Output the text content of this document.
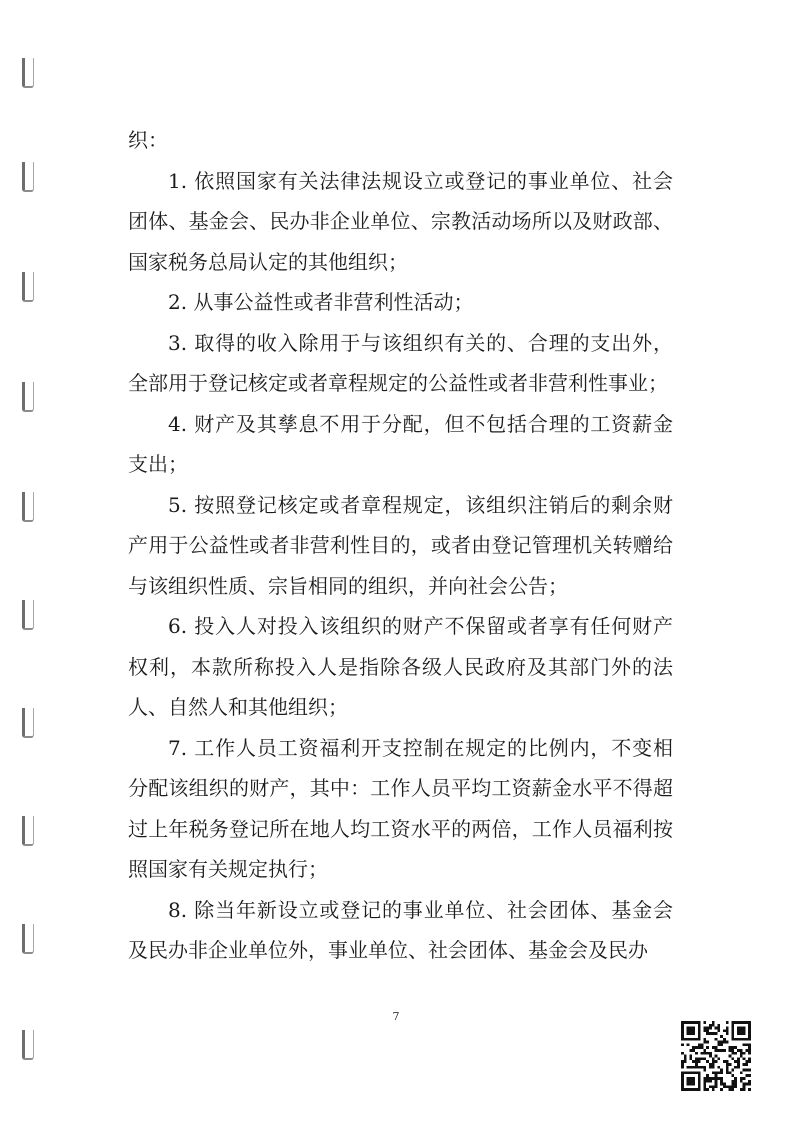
织：

1. 依照国家有关法律法规设立或登记的事业单位、社会团体、基金会、民办非企业单位、宗教活动场所以及财政部、国家税务总局认定的其他组织；

2. 从事公益性或者非营利性活动；

3. 取得的收入除用于与该组织有关的、合理的支出外，全部用于登记核定或者章程规定的公益性或者非营利性事业；

4. 财产及其孳息不用于分配，但不包括合理的工资薪金支出；

5. 按照登记核定或者章程规定，该组织注销后的剩余财产用于公益性或者非营利性目的，或者由登记管理机关转赠给与该组织性质、宗旨相同的组织，并向社会公告；

6. 投入人对投入该组织的财产不保留或者享有任何财产权利，本款所称投入人是指除各级人民政府及其部门外的法人、自然人和其他组织；

7. 工作人员工资福利开支控制在规定的比例内，不变相分配该组织的财产，其中：工作人员平均工资薪金水平不得超过上年税务登记所在地人均工资水平的两倍，工作人员福利按照国家有关规定执行；

8. 除当年新设立或登记的事业单位、社会团体、基金会及民办非企业单位外，事业单位、社会团体、基金会及民办

7
